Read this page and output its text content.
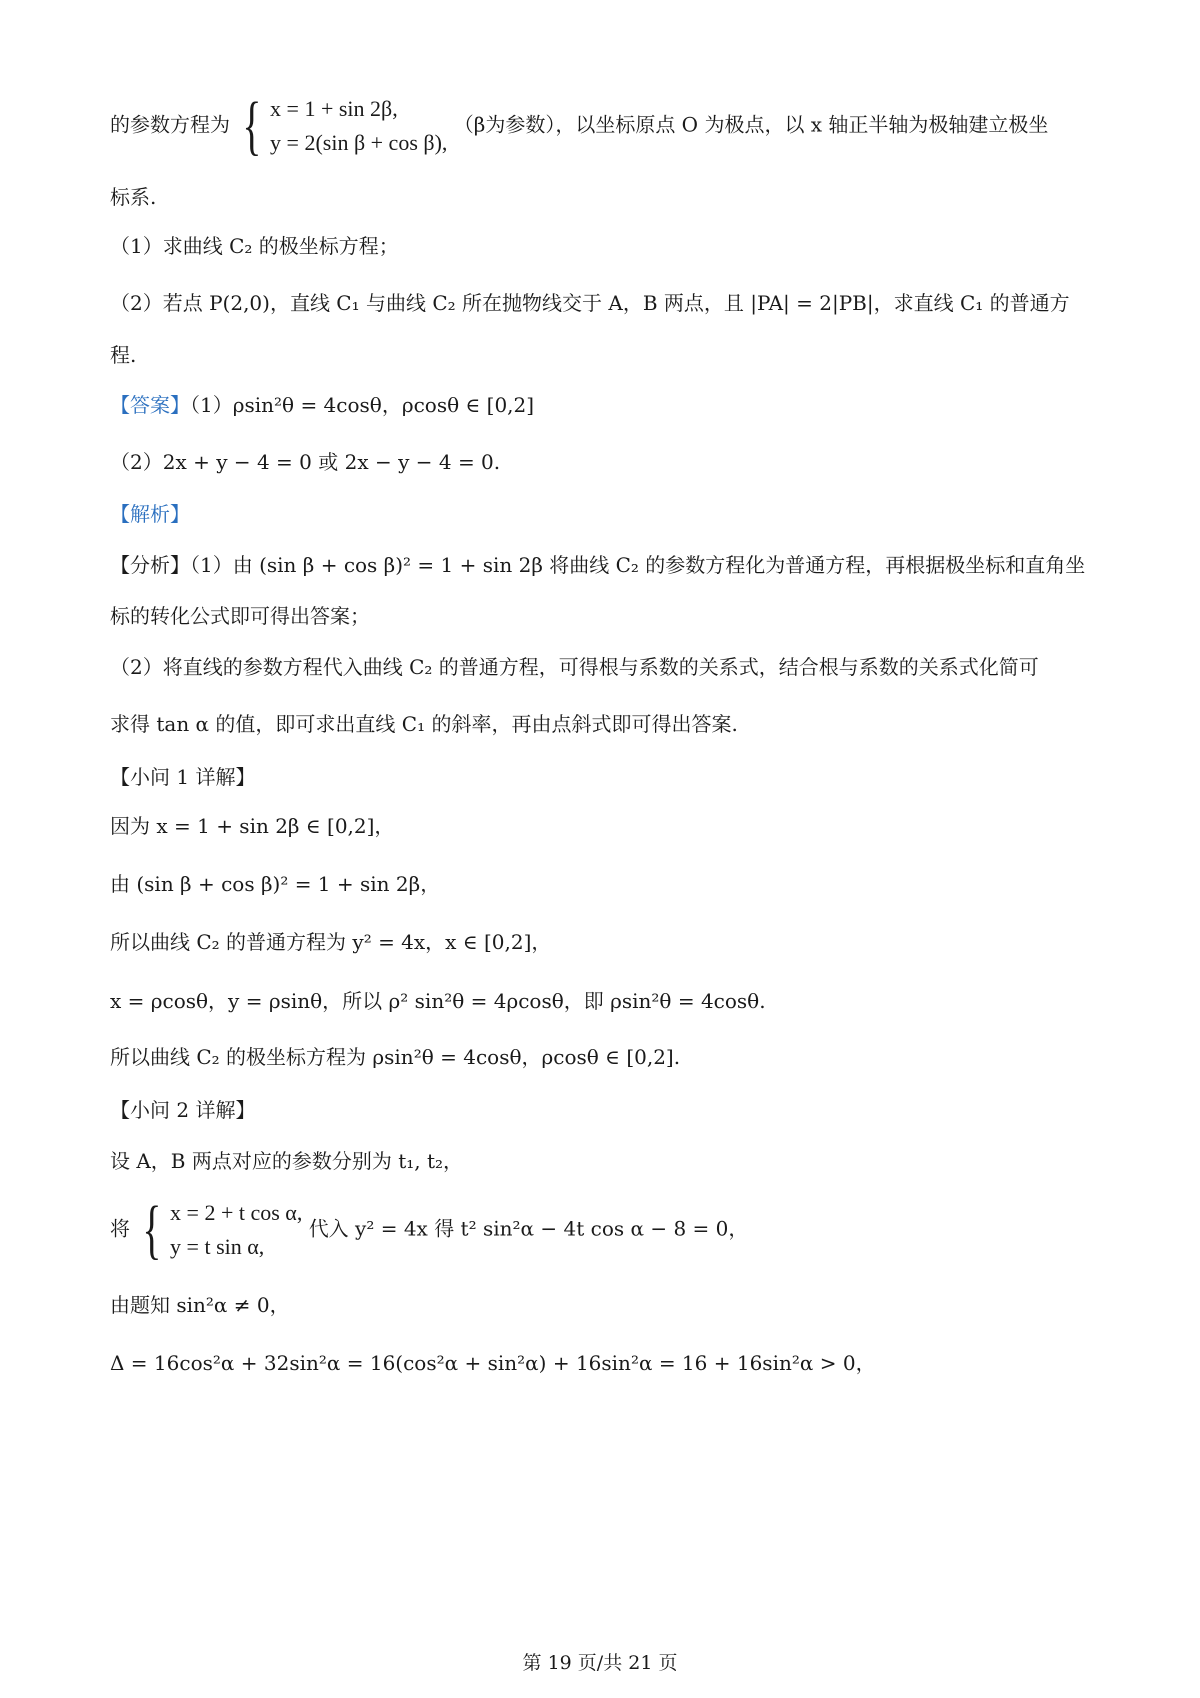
的参数方程为 { x = 1 + sin 2β,
y = 2(sin β + cos β),
（β为参数），以坐标原点 O 为极点，以 x 轴正半轴为极轴建立极坐
标系.
（1）求曲线 C₂ 的极坐标方程；
（2）若点 P(2,0)，直线 C₁ 与曲线 C₂ 所在抛物线交于 A，B 两点，且 |PA| = 2|PB|，求直线 C₁ 的普通方
程.
【答案】（1）ρsin²θ = 4cosθ，ρcosθ ∈ [0,2]
（2）2x + y − 4 = 0 或 2x − y − 4 = 0.
【解析】
【分析】（1）由 (sin β + cos β)² = 1 + sin 2β 将曲线 C₂ 的参数方程化为普通方程，再根据极坐标和直角坐
标的转化公式即可得出答案；
（2）将直线的参数方程代入曲线 C₂ 的普通方程，可得根与系数的关系式，结合根与系数的关系式化简可
求得 tan α 的值，即可求出直线 C₁ 的斜率，再由点斜式即可得出答案.
【小问 1 详解】
因为 x = 1 + sin 2β ∈ [0,2]，
由 (sin β + cos β)² = 1 + sin 2β，
所以曲线 C₂ 的普通方程为 y² = 4x，x ∈ [0,2]，
x = ρcosθ，y = ρsinθ，所以 ρ² sin²θ = 4ρcosθ，即 ρsin²θ = 4cosθ.
所以曲线 C₂ 的极坐标方程为 ρsin²θ = 4cosθ，ρcosθ ∈ [0,2].
【小问 2 详解】
设 A，B 两点对应的参数分别为 t₁, t₂，
将 { x = 2 + t cos α,
y = t sin α,
代入 y² = 4x 得 t² sin²α − 4t cos α − 8 = 0，
由题知 sin²α ≠ 0，
Δ = 16cos²α + 32sin²α = 16(cos²α + sin²α) + 16sin²α = 16 + 16sin²α > 0，
第 19 页/共 21 页
